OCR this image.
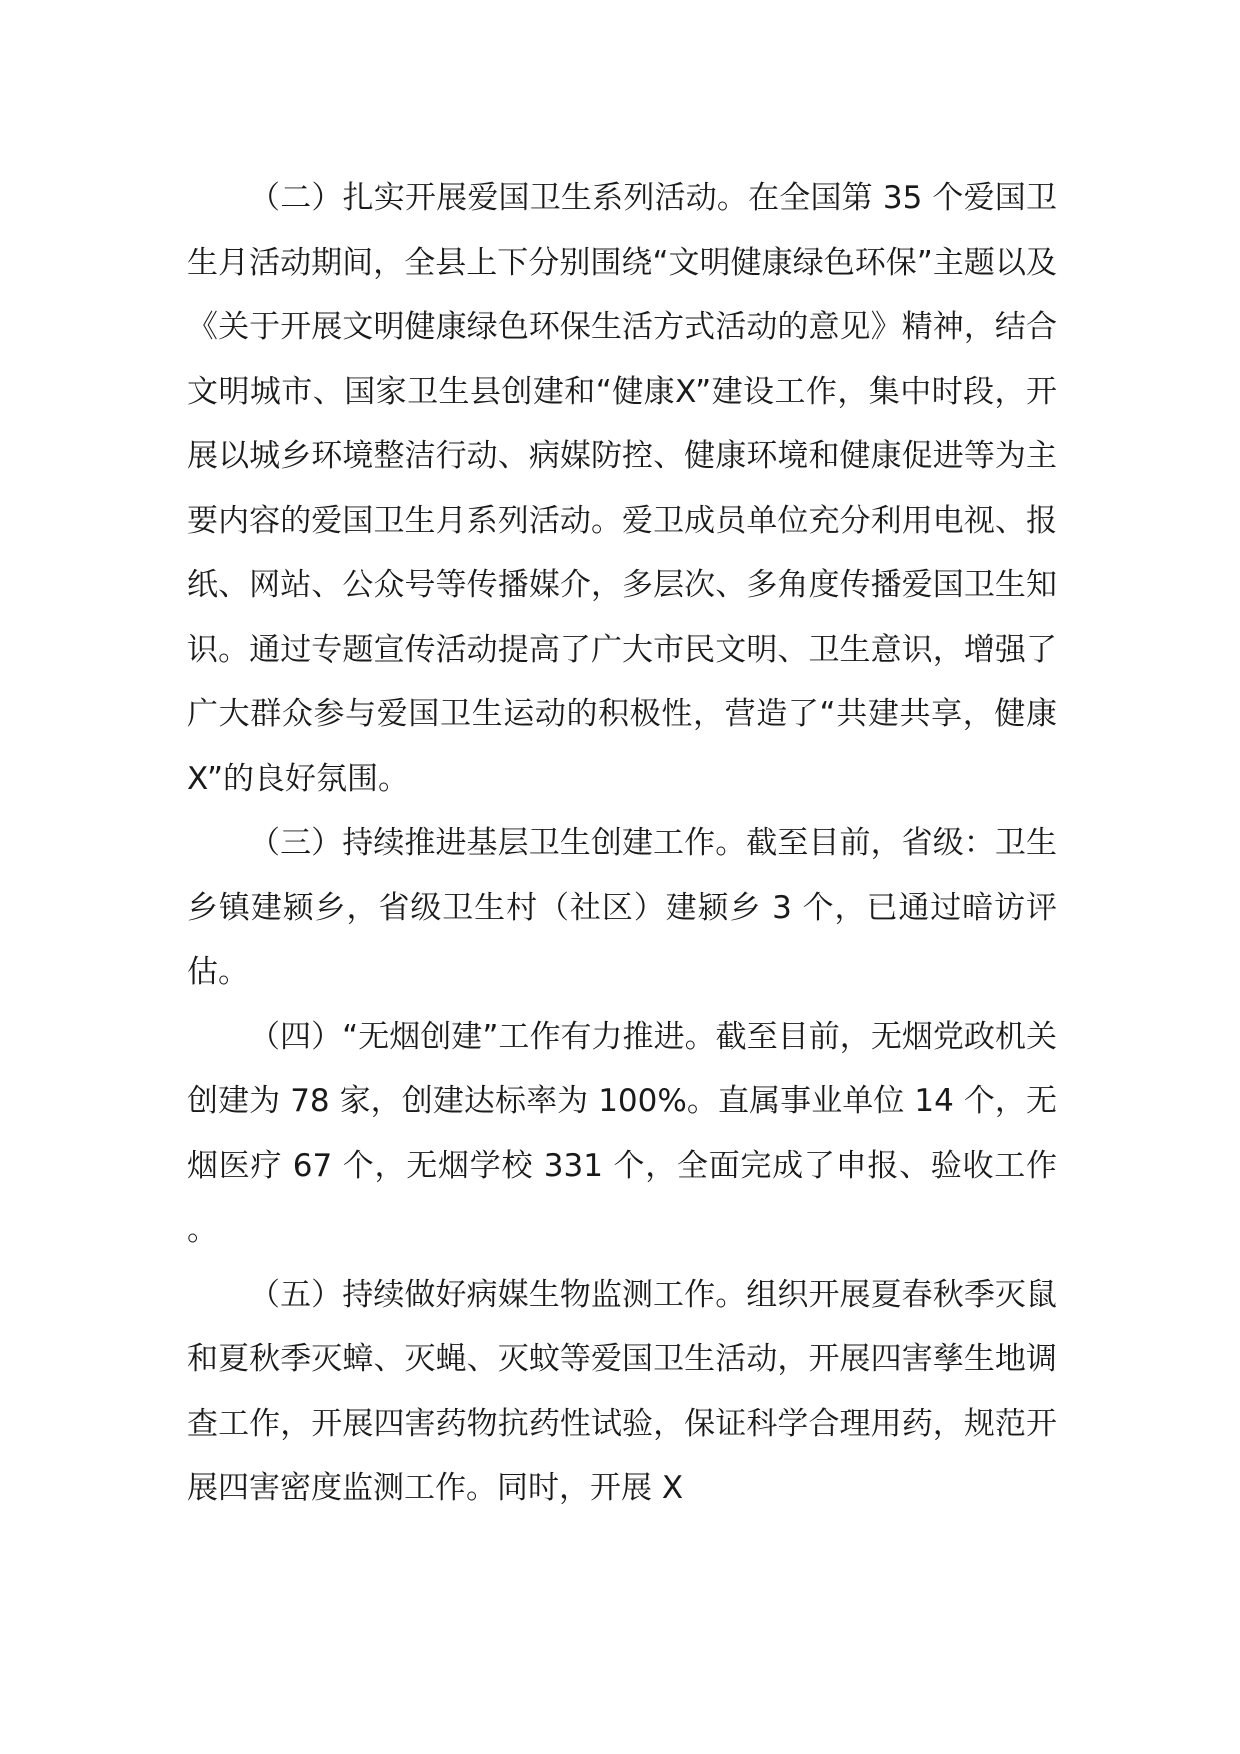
（二）扎实开展爱国卫生系列活动。在全国第 35 个爱国卫生月活动期间，全县上下分别围绕“文明健康绿色环保”主题以及《关于开展文明健康绿色环保生活方式活动的意见》精神，结合文明城市、国家卫生县创建和“健康X”建设工作，集中时段，开展以城乡环境整洁行动、病媒防控、健康环境和健康促进等为主要内容的爱国卫生月系列活动。爱卫成员单位充分利用电视、报纸、网站、公众号等传播媒介，多层次、多角度传播爱国卫生知识。通过专题宣传活动提高了广大市民文明、卫生意识，增强了广大群众参与爱国卫生运动的积极性，营造了“共建共享，健康 X”的良好氛围。

（三）持续推进基层卫生创建工作。截至目前，省级：卫生乡镇建颍乡，省级卫生村（社区）建颍乡 3 个，已通过暗访评估。

（四）“无烟创建”工作有力推进。截至目前，无烟党政机关创建为 78 家，创建达标率为 100%。直属事业单位 14 个，无烟医疗 67 个，无烟学校 331 个，全面完成了申报、验收工作。

（五）持续做好病媒生物监测工作。组织开展夏春秋季灭鼠和夏秋季灭蟑、灭蝇、灭蚊等爱国卫生活动，开展四害孳生地调查工作，开展四害药物抗药性试验，保证科学合理用药，规范开展四害密度监测工作。同时，开展 X
